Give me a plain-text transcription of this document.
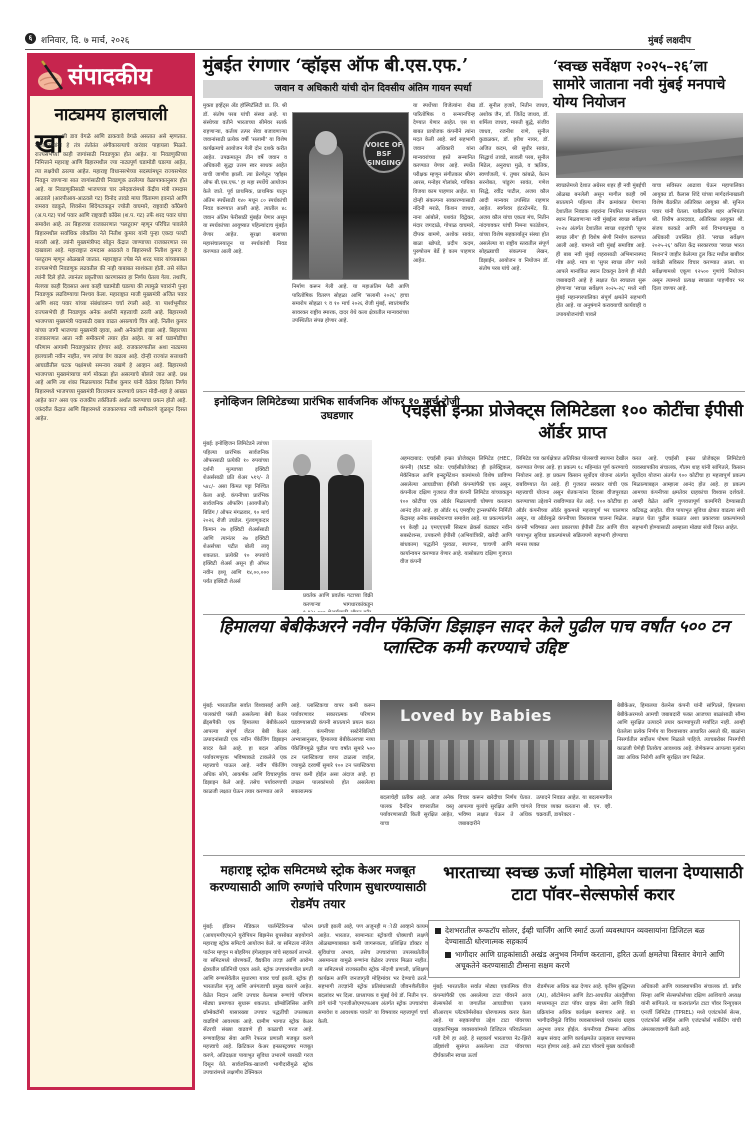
६ शनिवार, दि. ७ मार्च, २०२६	मुंबई लक्षदीप
संपादकीय
नाट्यमय हालचाली
खा
ली डाव वेगळे आणि ढाकवावे वेगळे असतात असे म्हणतात. राजकारण्यांनी हे तंत्र तंतोतंत अंगीकारल्याचे वारंवार पाहायला मिळते. राज्यसभेच्या काही जागांसाठी निवडणुका होत आहेत. या निवडणुकीच्या निमित्ताने महाराष्ट्र आणि बिहारमधील ज्या नाट्यपूर्ण घडामोडी घडल्या आहेत, त्या लक्षवेधी ठरल्या आहेत. महाराष्ट्र विधानसभेच्या सदस्यांमधून राज्यसभेवर निवडून जाणाऱ्या सात जागांसाठीची निवडणूक ठरलेल्या वेळापत्रकानुसार होत आहे. या निवडणुकीसाठी भाजपच्या चार उमेदवारांमध्ये केंद्रीय मंत्री रामदास आठवले (आरपीआय-आठवले गट) विनोद तावडे माया चिंतामण इवनाते आणि रामराव वडकुते, शिवसेना शिंदेगटाकडून ज्योती वाघमारे, राष्ट्रवादी काँग्रेसचे (अ.प.गट) पार्थ पवार आणि राष्ट्रवादी काँग्रेस (श.प. गट) तर्फे शरद पवार यांचा समावेश आहे. तर बिहारच्या राजकारणात 'पलटूराम' म्हणून परिचित पावलेले बिहारमधील सर्वाधिक लोकप्रिय नेते नितीश कुमार यांनी पुन्हा एकदा पलटी मारली आहे. त्यांनी मुख्यमंत्रीपद सोडून केंद्रात जाण्याच्या राजकारणात रस दाखवला आहे. महाराष्ट्रात रामदास आठवले व बिहारमध्ये नितीश कुमार हे पलटूराम म्हणून ओळखले जातात. महाराष्ट्रात ज्येष्ठ नेते शरद पवार यांच्याबाबत राज्यसभेची निवडणूक लढवतील की नाही याबाबत साशंकता होती. तसे संकेत त्यांनी दिले होते. त्यानंतर प्रकृतीच्या कारणास्तव हा निर्णय घेतला गेला. तथापि, मेलच्या काही दिवसात अशा काही घडामोडी घडल्या की त्यामुळे पवारांनी पुन्हा निवडणूक लढविण्याचा निश्चय केला. महाराष्ट्रात माजी मुख्यमंत्री अजित पवार आणि शरद पवार यांच्या संबंधांवरून चर्चा रंगली आहे. या पार्श्वभूमीवर राज्यसभेची ही निवडणूक अनेक अर्थांनी महत्त्वाची ठरली आहे. बिहारमध्ये भाजपच्या मुख्यमंत्री पदासाठी दबाव वाढत असल्याचे चित्र आहे. नितीश कुमार यांच्या जागी भाजपचा मुख्यमंत्री व्हावा, अशी अनेकांची इच्छा आहे. बिहारच्या राजकारणात आता नवी समीकरणे तयार होत आहेत. या सर्व घडामोडींचा परिणाम आगामी निवडणुकांवर होणार आहे. राजकारणातील अशा नाट्यमय हालचाली नवीन नाहीत, पण त्यांचा वेग वाढला आहे. दोन्ही राज्यांत सत्ताधारी आघाडीतील घटक पक्षांमध्ये समन्वय राखणे हे आव्हान आहे. बिहारमध्ये भाजपच्या मुख्यमंत्र्याचा मार्ग मोकळा होत असल्याचे बोलले जात आहे. प्रश्न आहे आणि त्या शंका मिळाल्यावर नितीश कुमार यांनी वेळेवर दिलेला निर्णय बिहारमध्ये भाजपच्या मुख्यमंत्री विराजमान करण्याचे प्रयत्न मोदी-शहा हे आखत आहेत का? असा एक राजकीय तर्कवितर्क अर्थात करण्याचा प्रयत्न होतो आहे. एकंदरीत केंद्रात आणि बिहारमध्ये राजकारणात नवी समीकरणे जुळवून दिसत आहेत.
मुंबईत रंगणार ‘व्हॉइस ऑफ बी.एस.एफ.’
जवान व अधिकारी यांची दोन दिवसीय अंतिम गायन स्पर्धा
मुक्ता इव्हेंट्स ॲंड हॉस्पिटॅलिटी प्रा. लि. श्री डॉ. संतोष परब यांची संस्था आहे. या संस्थेच्या वतीने भारताच्या सीमेवर सतर्क राहणाऱ्या, कर्तव्य तत्पर सेवा बजावणाऱ्या जवानांसाठी प्रत्येक वर्षी 'सलामी' या विशेष कार्यक्रमाचे आयोजन गेली दोन दशके करीत आहेत. उपक्रमातून तीन वर्षे जवान व अधिकारी सुद्धा उत्तम स्वर साधक आहेत याची जाणीव झाली. त्या प्रेरणेतून 'व्हॉइस ऑफ बी.एस.एफ.' हा महा स्पर्धेचे आयोजन केले जाते. पूर्व प्राथमिक, प्राथमिक यातून अंतिम स्पर्धेसाठी १४० मधून ८० स्पर्धकांची निवड करण्यात आली आहे. त्यातील ४८ जवान अंतिम फेरीसाठी मुंबईत येणार असून या स्पर्धकांच्या आयुष्यात पहिल्यांदाच मुंबईत येणार आहेत. सुरक्षा बलाच्या महासंचालयातून या स्पर्धकांची निवड करण्यात आली आहे.
VOICE OF BSF SINGING
निर्माण करून गेली आहे. या महाअंतिम फेरी आणि पारितोषिक वितरण सोहळा आणि 'सलामी २०२६' हाचा समारोप सोहळा ९ व १० मार्च २०२६ रोजी मुंबई, स्वातंत्र्यवीर सावरकर राष्ट्रीय स्मारक, दादर येथे कला क्षेत्रातील मान्यवरांच्या उपस्थितीत संपन्न होणार आहे.
या स्पर्धेच्या विजेत्यांना रोख पारितोषिक व सन्मानचिन्ह देण्यात येणार आहेत. एस या बाबत प्रायोजक कंपनीने त्यांना मदत केली आहे. सर्व सहभागी जवान अधिकारी यांना मान्यवरांच्या हस्ते सन्मानित करण्यात येणार आहे. स्पर्धेत परीक्षक म्हणून संगीतकार श्रीरंग आरस, मनोहर गोलांबरे, गायिका विजया काम पाहणार आहेत. या दोन्ही संकल्पना साकारण्यासाठी नंदिनी मराठे, किशन जाधव, नाना आंबोले, यशवंत विद्वेकर, मंदार जगदाळे, गोपाळ वाघमारे, दीपक बामणे, अशोक सावंत, बाळा खोपडे, प्रदीप कदम, पुरुषोत्तम बेर्डे हे काम पाहणार आहेत.
डॉ. सुनील हजारे, नितीन जाधव, अशोक जैन, डॉ. जितेंद्र जाधव, डॉ. शर्मिला जाधव, मारुती बुद्धे, संजीव जाधव, रजनीश राणे, सुनील कुडाळकर, डॉ. हरीश नायर, डॉ. अजित कदम, श्री सुधीर सावंत, सिद्धार्थ तावडे, सावली परब, सुनील मिठेल, अनुराधा मुळे, व ऋतिक, स्वर्णांजली, पं. तुषार कांबळे, केतन सरनोबत, पांडुरंग सावंत, गणेश सिद्धे, रवींद्र पाटील, अजय कौल आदी मान्यवर उपस्थित राहणार आहेत. स्वर्गरवर इंटरटेनमेंट, प्रि. अजय कौल यांचा एकता मंच, नितीन नांदगावकर यांची निमना फाउंडेशन, यांच्या विशेष सहकार्यातून संस्था होत असलेल्या या राष्ट्रीय स्तरातील संपूर्ण सोहळ्याची संकल्पना लेखन, डिझाईन, आयोजन व नियोजन डॉ. संतोष परब यांचे आहे.
‘स्वच्छ सर्वेक्षण २०२५–२६’ला सामोरे जाताना नवी मुंबई मनपाचे योग्य नियोजन
स्वच्छतेमध्ये देशात अग्रेसर शहर ही नवी मुंबईची ओळख बनलेली असून मागील काही वर्षे सातत्याने पहिल्या तीन क्रमांकात येणाऱ्या देशातील निवडक शहरांना नियमित मानांकनात स्थान मिळवणाऱ्या नवी मुंबईला स्वच्छ सर्वेक्षण २०२४ अंतर्गत देशातील स्वच्छ शहरांची 'सुपर स्वच्छ लीग' ही विशेष श्रेणी निर्माण करण्यात आली आहे. यामध्ये नवी मुंबई समाविष्ट आहे. ही बाब नवी मुंबई शहरासाठी अभिमानास्पद गोष्ट आहे. मात्र या 'सुपर स्वच्छ लीग' मध्ये आपले मानांकित स्थान टिकवून ठेवणे ही मोठी जबाबदारी आहे हे लक्षात घेत स्वच्छता सुरू होणाऱ्या 'स्वच्छ सर्वेक्षण २०२५-२६' मध्ये नवी मुंबई महानगरपालिका संपूर्ण क्षमतेने सहभागी होत आहे. या अनुषंगाने करावयाची कार्यवाही व उपाययोजनांची पावले
याचा सविस्तर आढावा घेऊन महापालिका आयुक्त डॉ. कैलास शिंदे यांच्या मार्गदर्शनाखाली विशेष बैठकीत अतिरिक्त आयुक्त श्री. सुनिल पवार यांनी घेतला. याबैठकीस शहर अभियंता श्री. शिरीष आरदवाड, अतिरिक्त आयुक्त श्री. संजय काकडे आणि सर्व विभागप्रमुख व अधिकारी उपस्थित होते. 'स्वच्छ सर्वेक्षण २०२५-२६' करिता केंद्र सरकारच्या 'स्वच्छ भारत मिशन'ने जाहीर केलेल्या टूल किट मधील बाबींवर यावेळी सविस्तर विचार करण्यात आला. या सर्वेक्षणामध्ये एकूण १२५०० गुणांचे नियोजन असून त्यामध्ये प्रत्यक्ष स्वच्छता पाहणीवर भर दिला जाणार आहे.
इनोव्हिजन लिमिटेडच्या प्रारंभिक सार्वजनिक ऑफर १० मार्च रोजी उघडणार
मुंबई: इनोव्हिजन लिमिटेडने त्यांच्या पहिल्या प्रारंभिक सार्वजनिक ऑफरसाठी प्रत्येकी १० रुपयांच्या दर्शनी मूल्याच्या इक्विटी शेअर्ससाठी प्रति शेअर ५१९/- ते ५४८/- असा किंमत पट्टा निश्चित केला आहे. कंपनीच्या प्रारंभिक सार्वजनिक ऑफरिंग (आयपीओ) बिडिंग / ऑफर मंगळवार, १० मार्च २०२६ रोजी उघडेल. गुंतवणूकदार किमान २७ इक्विटी शेअर्ससाठी आणि त्यानंतर २७ इक्विटी शेअर्सच्या पटीत बोली लावू शकतात. प्रत्येकी १० रुपयांचे इक्विटी शेअर्स असून ही ऑफर नवीन इश्यू आणि १४,००,००० पर्यंत इक्विटी शेअर्स
प्रवर्तक आणि प्रवर्तक गटाच्या विक्री करणाऱ्या भागधारकांकडून
एचईसी इन्फ्रा प्रोजेक्ट्स लिमिटेडला १०० कोटींचा ईपीसी ऑर्डर प्राप्त
अहमदाबाद: एचईसी इन्फ्रा प्रोजेक्ट्स लिमिटेड (HEC, कंपनी) (NSE कोड: एचईसीप्रोजेक्ट) ही इलेक्ट्रिकल, मेकॅनिकल आणि इन्स्ट्रुमेंटेशन कामांमध्ये विशेष प्राविण्य असलेल्या आघाडीच्या ईपीसी कंपन्यांपैकी एक असून, कंपनीला दक्षिण गुजरात वीज कंपनी लिमिटेड यांच्याकडून १०० कोटींचा एक ऑर्डर मिळाल्याची घोषणा करताना आनंद होत आहे. हा ऑर्डर १६ एमव्हीए ट्रान्सफॉर्मर निर्मिती केंद्रासह अनेक सबस्टेशनचा समावेश आहे. या प्रकल्पांतर्गत ११ केव्ही ३३ एमएएएसी सिस्टम ब्रेकर्स कंडक्टर नवीन सबस्टेशन्स, उपकरणे ईपीसी (अभियांत्रिकी, खरेदी आणि बांधकाम) पद्धतीने पुरवठा, स्थापना, चाचणी आणि कार्यान्वयन करण्यात येणार आहे. यासोबतच दक्षिण गुजरात वीज कंपनी
लिमिटेड च्या कार्यक्षेत्रात अतिरिक्त पोलसची स्थापना देखील करण्यात येणार आहे. हा प्रकल्प १८ महिन्यांत पूर्ण करण्याचे नियोजन आहे. हा प्रकल्प किसान सूर्योदय योजना अंतर्गत राबविण्यात येत आहे. ही गुजरात सरकार यांची एक महत्त्वाची योजना असून शेतकऱ्यांना दिवसा वीजपुरवठा करण्याच्या उद्देशाने राबविण्यात येत आहे. १०० कोटींचा हा ऑर्डर कंपनीच्या ऑर्डर बुकमध्ये महत्त्वपूर्ण भर घालणार असून, या ऑर्डरमुळे कंपनीच्या विस्तारास चालना मिळेल. कंपनी भविष्यात अशा प्रकारच्या ईपीसी टेंडर आणि वीज पायाभूत सुविधा प्रकल्पांमध्ये सक्रियपणे सहभागी होण्याचा मानस व्यक्त
करत आहे. एचईसी इन्फ्रा प्रोजेक्ट्स लिमिटेडचे व्यवस्थापकीय संचालक, गौतम शाह यांनी सांगितले, किसान सूर्योदय योजना अंतर्गत १०० कोटींचा हा महत्त्वपूर्ण प्रकल्प मिळाल्याबद्दल आम्हाला आनंद होत आहे. हा प्रकल्प आमच्या कंपनीच्या क्षमतेवर ग्राहकांचा विश्वास दर्शवतो. आम्ही वेळेत आणि गुणवत्तापूर्ण कामगिरी देण्यासाठी कटिबद्ध आहोत. वीज पायाभूत सुविधा क्षेत्रात वाढत्या संधी लक्षात घेता पुढील काळात अशा प्रकारच्या प्रकल्पांमध्ये सहभागी होण्यासाठी आम्हाला मोठ्या संधी दिसत आहेत.
हिमालया बेबीकेअरने नवीन पॅकेजिंग डिझाइन सादर केले पुढील पाच वर्षांत ५०० टन प्लास्टिक कमी करण्याचे उद्दिष्ट
मुंबई: भारतातील सर्वात विश्वासार्ह आणि पालकांची पसंती असलेल्या बेबी केअर ब्रँड्सपैकी एक हिमालया बेबीकेअरने आपल्या संपूर्ण जेंटल बेबी केअर उत्पादनांसाठी एक नवीन पॅकेजिंग डिझाइन सादर केले आहे. हा बदल अधिक पर्यावरणपूरक भविष्याकडे टाकलेले एक महत्त्वाचे पाऊल आहे. नवीन पॅकेजिंग अधिक सोपे, आकर्षक आणि विचारपूर्वक डिझाइन केले आहे. तसेच पर्यावरणाची काळजी लक्षात घेऊन तयार करण्यात आले
आहे. प्लास्टिकचा वापर कमी करून पर्यावरणावर सकारात्मक परिणाम घडवण्यासाठी कंपनी सातत्याने प्रयत्न करत आहे. कंपनीच्या सस्टेनेबिलिटी अभ्यासानुसार, हिमालया बेबीकेअरच्या नव्या पॅकेजिंगमुळे पुढील पाच वर्षांत सुमारे ५०० टन प्लास्टिकचा वापर टाळला जाईल, ज्यामुळे दरवर्षी सुमारे १०० टन प्लास्टिकचा वापर कमी होईल असा अंदाज आहे. हा उपक्रम पालकांमध्ये होत असलेल्या सकारात्मक
Loved by Babies
बदलाचेही प्रतीक आहे. आज अनेक पालक दैनंदिन वापरातील वस्तू पर्यावरणासाठी किती सुरक्षित आहेत, याचा
विचार करून खरेदीचा निर्णय घेतात. आपल्या मुलांचे सुरक्षित आणि चांगले भविष्य लक्षात घेऊन ते अधिक जबाबदारीने
उत्पादने निवडत आहेत. या बदलामागील विचार व्यक्त करताना श्री. एन. व्ही. चक्रवर्ती, डायरेक्टर -
बेबीकेअर, हिमालया वेलनेस कंपनी यांनी सांगितले, हिमालया बेबीकेअरमध्ये आमची जबाबदारी फक्त आजच्या बाळांसाठी सौम्य आणि सुरक्षित उत्पादने तयार करण्यापुरती मर्यादित नाही. आम्ही घेतलेला प्रत्येक निर्णय या विश्वासावर आधारित असतो की, बाळांना निसर्गातील सर्वोत्तम पोषण मिळाले पाहिजे. त्याचबरोबर निसर्गाची काळजी घेणेही तितकेच आवश्यक आहे. जेणेकरून आपल्या मुलांना उद्या अधिक निरोगी आणि सुरक्षित जग मिळेल.
महाराष्ट्र स्ट्रोक समिटमध्ये स्ट्रोक केअर मजबूत करण्यासाठी आणि रुग्णांचे परिणाम सुधारण्यासाठी रोडमॅप तयार
मुंबई: इंडियन मेडिकल पार्लमेंटेरियन्स फोरम (आयएमपीएफ)ने युरोपियन बिझनेस ग्रुपसोबत सहयोगाने महाराष्ट्र स्ट्रोक समिटचे आयोजन केले. या समिटला नॉलेज पार्टनर म्हणून म बोहरिंगर इंगेलहाइम यांचे सहकार्य लाभले. या समिटमध्ये धोरणकर्ते, वैद्यकीय तज्ज्ञ आणि आरोग्य क्षेत्रातील प्रतिनिधी एकत्र आले. स्ट्रोक उपचारांमधील प्रगती आणि रुग्णसेवेतील सुधारणा यावर चर्चा झाली. स्ट्रोक ही भारतातील मृत्यू आणि अपंगत्वाची प्रमुख कारणे आहेत. वेळेत निदान आणि उपचार केल्यास रुग्णांचे परिणाम मोठ्या प्रमाणात सुधारू शकतात. थ्रॉम्बोलिसिस आणि थ्रॉम्बेक्टॉमी यासारख्या उपचार पद्धतींची उपलब्धता वाढविणे आवश्यक आहे. ग्रामीण भागात स्ट्रोक केअर सेंटरची संख्या वाढवणे ही काळाची गरज आहे. रुग्णवाहिका सेवा आणि रेफरल प्रणाली मजबूत करणे महत्त्वाचे आहे. क्रिटिकल केअर इन्फ्रास्ट्रक्चर मजबूत करणे, अतिदक्षता पायाभूत सुविधा उभारणे यासाठी गरज दिसून येते. सार्वजनिक-खाजगी भागीदारीमुळे स्ट्रोक उपचारांमध्ये लक्षणीय टेक्निकल
प्रगती झाली आहे, पण अजूनही म ोठी आव्हाने कायम आहेत. भारतात, सामान्यतः स्ट्रोकची धोक्याची लक्षणे ओळखण्याबाबत कमी जागरूकता, प्रशिक्षित डॉक्टर व सुविधांचा अभाव, तसेच उपचारांच्या उपलब्धतेतील असमानता यामुळे रुग्णांना वेळेवर उपचार मिळत नाहीत. या समिटमध्ये राज्यस्तरीय स्ट्रोक नोंदणी प्रणाली, प्रशिक्षण कार्यक्रम आणि जनजागृती मोहिमांवर भर देण्याचे ठरले. सहभागी तज्ज्ञांनी स्ट्रोक प्रतिबंधासाठी जीवनशैलीतील बदलांवर भर दिला. प्राध्यापक व मुंबई येथे डॉ. नितीन एन. डांगे यांनी 'एनजीओएमएफआय अंतर्गत स्ट्रोक उपचारांचा समावेश व आवश्यक पावले' या विषयावर महत्त्वपूर्ण चर्चा केली.
भारताच्या स्वच्छ ऊर्जा मोहिमेला चालना देण्यासाठी टाटा पॉवर–सेल्सफोर्स करार
देशभरातील रूफटॉप सोलर, ईव्ही चार्जिंग आणि स्मार्ट ऊर्जा व्यवस्थापन व्यवसायांना डिजिटल बळ देण्यासाठी धोरणात्मक सहकार्य
भागीदार आणि ग्राहकांसाठी अखंड अनुभव निर्माण करताना, हरित ऊर्जा क्षमतेचा विस्तार वेगाने आणि अचूकतेने करण्यासाठी टीम्सना सक्षम करणे
मुंबई: भारतातील सर्वात मोठ्या एकात्मिक वीज कंपन्यांपैकी एक असलेल्या टाटा पॉवरने आज सेल्सफोर्स या जगातील आघाडीच्या एआय सीआरएम प्लॅटफॉर्मसोबत धोरणात्मक करार केला आहे. या सहकार्याचा उद्देश टाटा पॉवरच्या ग्राहकाभिमुख व्यवसायांमध्ये डिजिटल परिवर्तनाला गती देणे हा आहे. हे सहकार्य भारताच्या नेट-झिरो उद्दिष्टांशी सुसंगत असलेल्या टाटा पॉवरच्या दीर्घकालीन स्वच्छ ऊर्जा
रोडमॅपला अधिक बळ देणार आहे. कृत्रिम बुद्धिमत्ता (AI), ऑटोमेशन आणि डेटा-आधारित अंतर्दृष्टींच्या माध्यमातून टाटा पॉवर ग्राहक सेवा आणि विक्री प्रक्रियांना अधिक कार्यक्षम बनवणार आहे. या भागीदारीमुळे विविध व्यवसायांमध्ये एकसंध ग्राहक अनुभव तयार होईल. कंपनीच्या टीम्सना अधिक सक्षम संवाद आणि कार्यक्षमतेत उत्कृष्टता साधण्यास मदत होणार आहे. असे टाटा पॉवरचे मुख्य कार्यकारी
अधिकारी आणि व्यवस्थापकीय संचालक डॉ. प्रवीर सिन्हा आणि सेल्सफोर्सच्या दक्षिण आशियाचे अध्यक्ष यांनी सांगितले. या करारांतर्गत टाटा पॉवर रिन्यूएबल एनर्जी लिमिटेड (TPREL) मध्ये एजंटफोर्स सेल्स, एजंटफोर्स सर्व्हिस आणि एजंटफोर्स मार्केटिंग यांची अंमलबजावणी केली आहे.
